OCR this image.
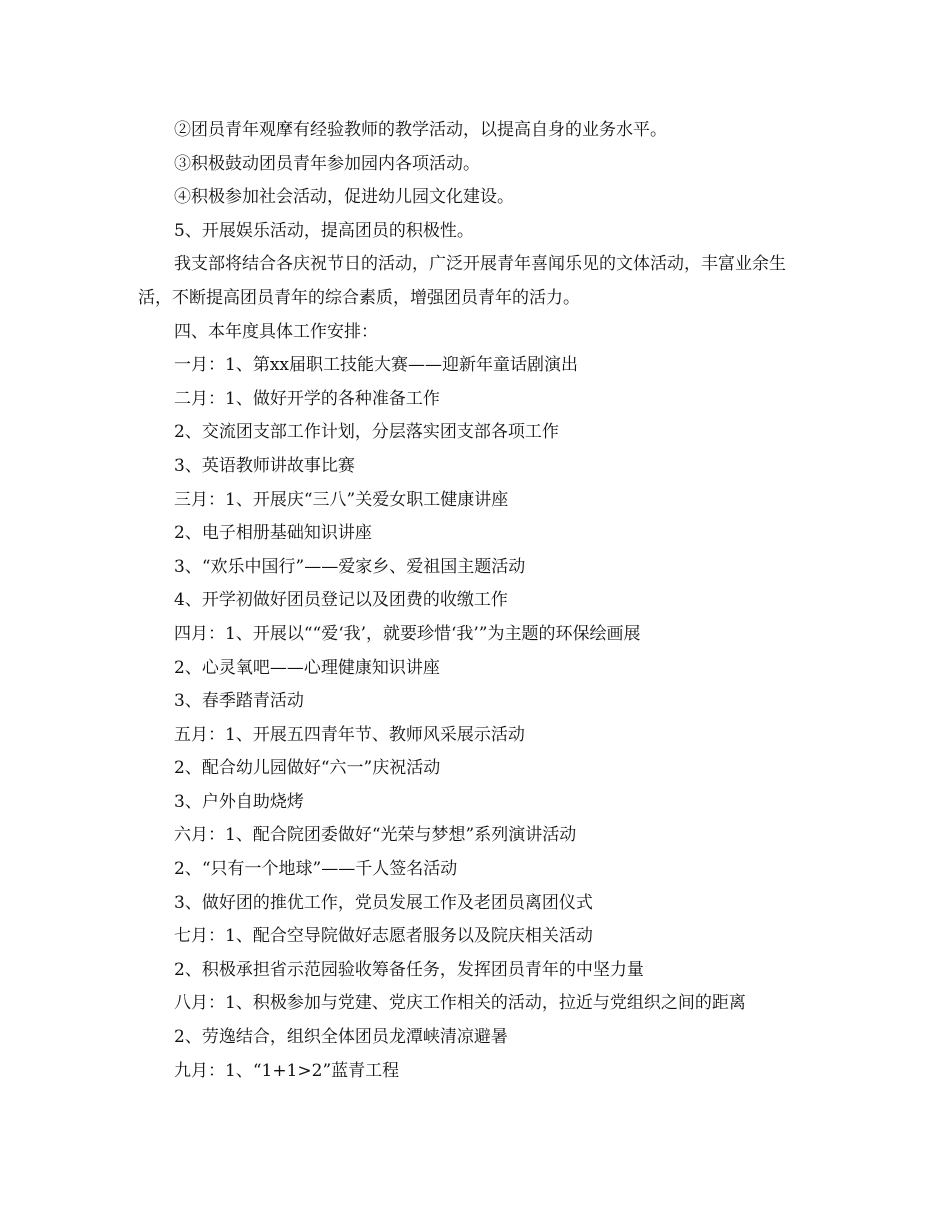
②团员青年观摩有经验教师的教学活动，以提高自身的业务水平。
③积极鼓动团员青年参加园内各项活动。
④积极参加社会活动，促进幼儿园文化建设。
5、开展娱乐活动，提高团员的积极性。
我支部将结合各庆祝节日的活动，广泛开展青年喜闻乐见的文体活动，丰富业余生活，不断提高团员青年的综合素质，增强团员青年的活力。
四、本年度具体工作安排：
一月：1、第xx届职工技能大赛——迎新年童话剧演出
二月：1、做好开学的各种准备工作
2、交流团支部工作计划，分层落实团支部各项工作
3、英语教师讲故事比赛
三月：1、开展庆“三八”关爱女职工健康讲座
2、电子相册基础知识讲座
3、“欢乐中国行”——爱家乡、爱祖国主题活动
4、开学初做好团员登记以及团费的收缴工作
四月：1、开展以““爱‘我’，就要珍惜‘我’”为主题的环保绘画展
2、心灵氧吧——心理健康知识讲座
3、春季踏青活动
五月：1、开展五四青年节、教师风采展示活动
2、配合幼儿园做好“六一”庆祝活动
3、户外自助烧烤
六月：1、配合院团委做好“光荣与梦想”系列演讲活动
2、“只有一个地球”——千人签名活动
3、做好团的推优工作，党员发展工作及老团员离团仪式
七月：1、配合空导院做好志愿者服务以及院庆相关活动
2、积极承担省示范园验收筹备任务，发挥团员青年的中坚力量
八月：1、积极参加与党建、党庆工作相关的活动，拉近与党组织之间的距离
2、劳逸结合，组织全体团员龙潭峡清凉避暑
九月：1、“1+1>2”蓝青工程
